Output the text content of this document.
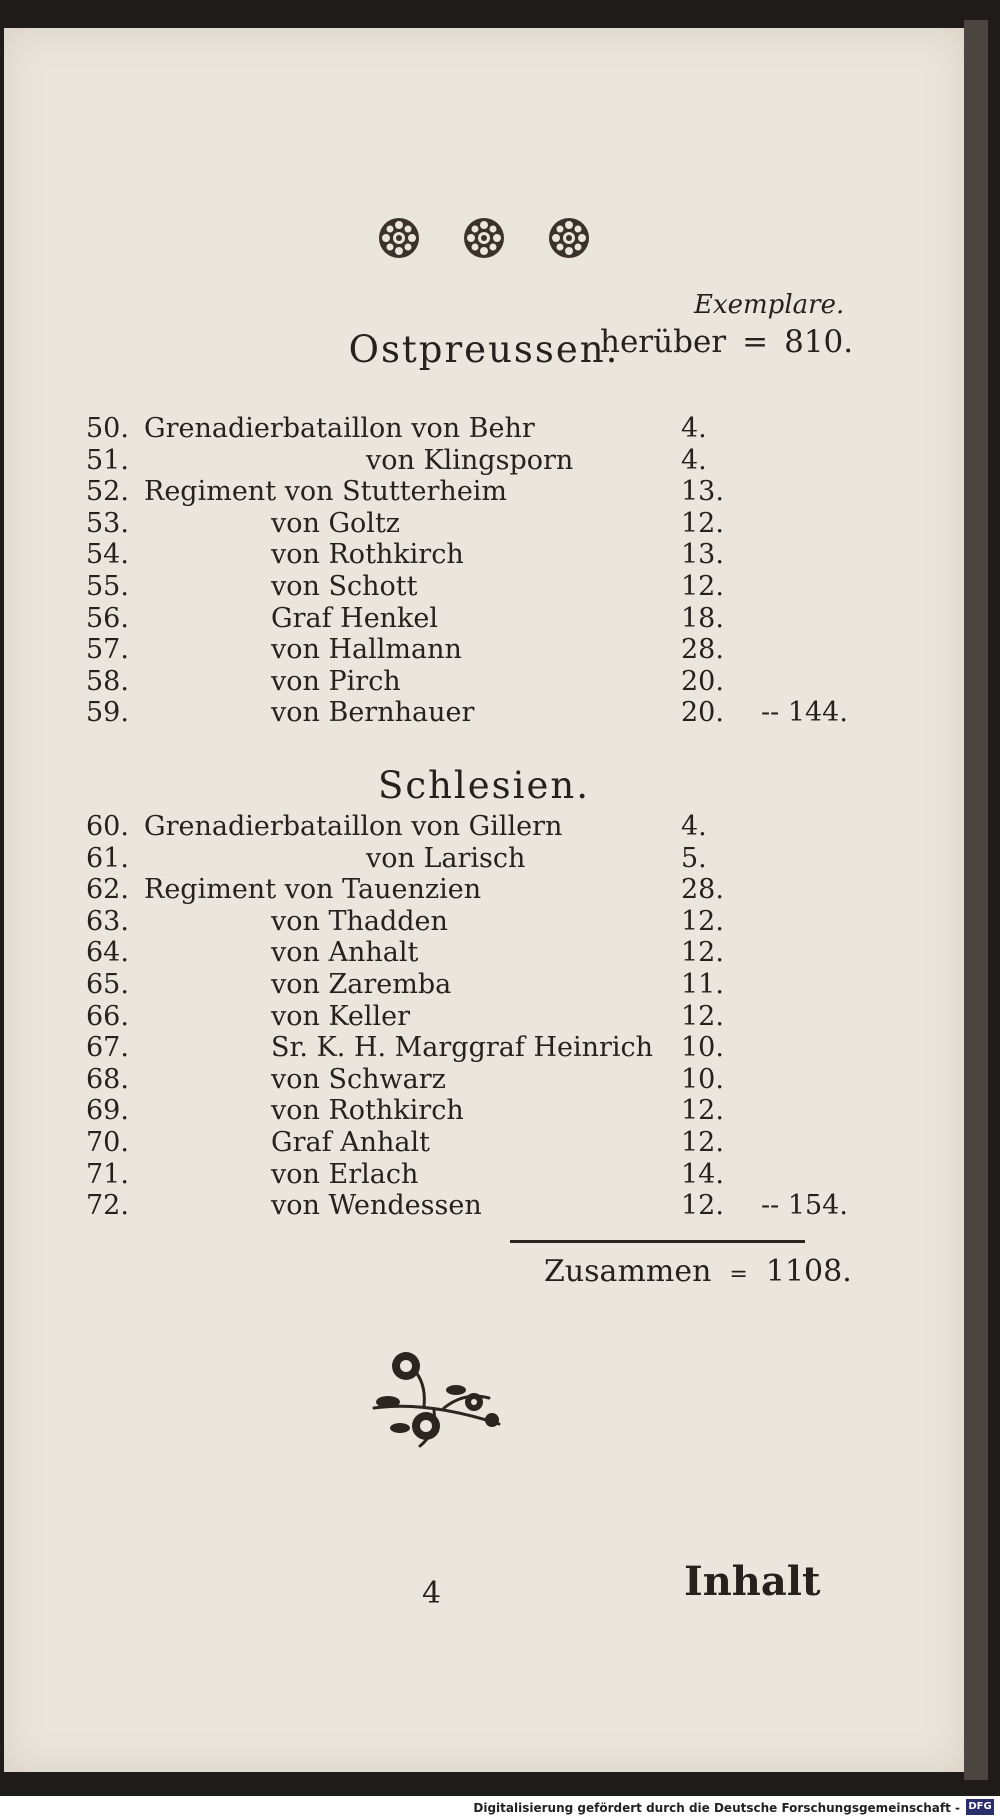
Exemplare.
herüber = 810.
Ostpreussen.
50. Grenadierbataillon von Behr	4.
51.	von Klingsporn	4.
52. Regiment von Stutterheim	13.
53.	von Goltz	12.
54.	von Rothkirch	13.
55.	von Schott	12.
56.	Graf Henkel	18.
57.	von Hallmann	28.
58.	von Pirch	20.
59.	von Bernhauer	20. -- 144.
Schlesien.
60. Grenadierbataillon von Gillern	4.
61.	von Larisch	5.
62. Regiment von Tauenzien	28.
63.	von Thadden	12.
64.	von Anhalt	12.
65.	von Zaremba	11.
66.	von Keller	12.
67.	Sr. K. H. Marggraf Heinrich 10.
68.	von Schwarz	10.
69.	von Rothkirch	12.
70.	Graf Anhalt	12.
71.	von Erlach	14.
72.	von Wendessen	12. -- 154.
Zusammen = 1108.
4	Inhalt
Digitalisierung gefördert durch die Deutsche Forschungsgemeinschaft - DFG
